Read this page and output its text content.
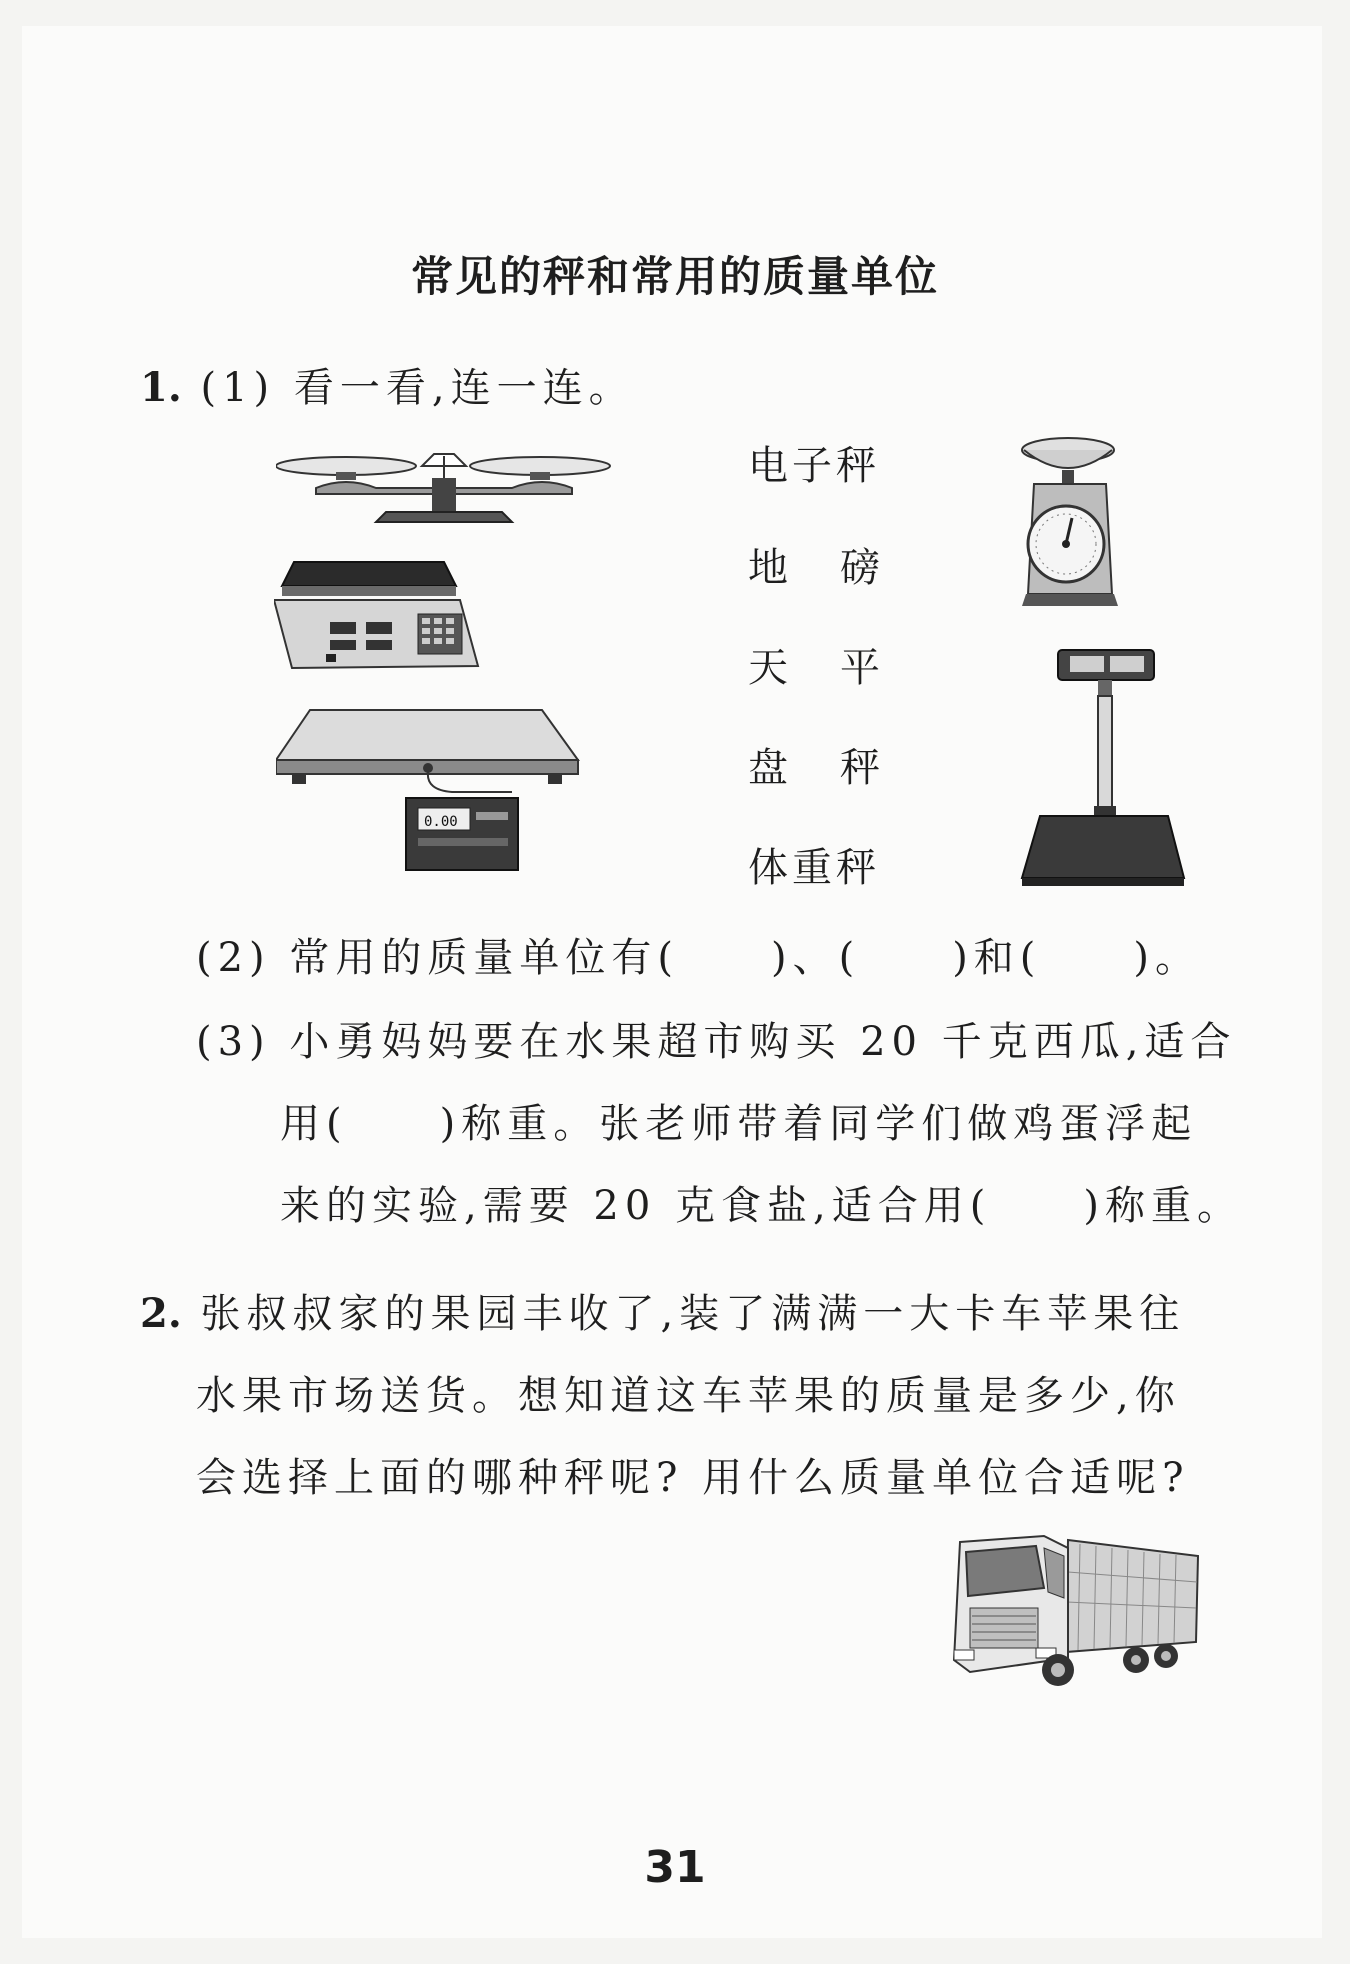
常见的秤和常用的质量单位
1. (1) 看一看,连一连。
0.00
电子秤
地 磅
天 平
盘 秤
体重秤
(2) 常用的质量单位有( )、( )和( )。
(3) 小勇妈妈要在水果超市购买 20 千克西瓜,适合
用( )称重。张老师带着同学们做鸡蛋浮起
来的实验,需要 20 克食盐,适合用( )称重。
2. 张叔叔家的果园丰收了,装了满满一大卡车苹果往
水果市场送货。想知道这车苹果的质量是多少,你
会选择上面的哪种秤呢? 用什么质量单位合适呢?
31
